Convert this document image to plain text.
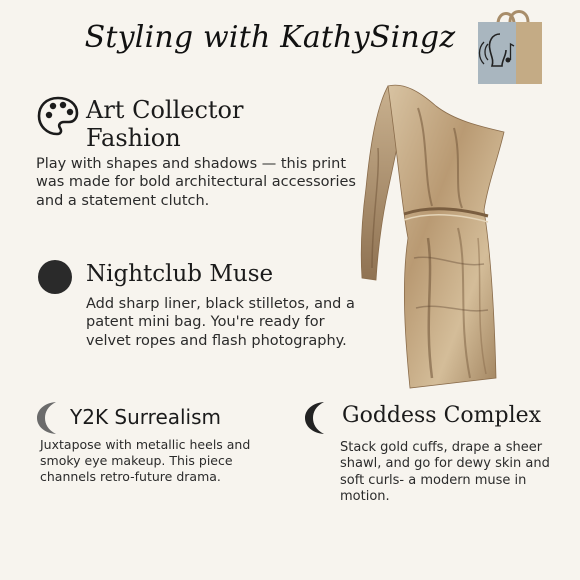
Styling with KathySingz
Art Collector Fashion
Play with shapes and shadows — this print was made for bold architectural accessories and a statement clutch.
Nightclub Muse
Add sharp liner, black stilletos, and a patent mini bag. You're ready for velvet ropes and flash photography.
Y2K Surrealism
Juxtapose with metallic heels and smoky eye makeup. This piece channels retro-future drama.
Goddess Complex
Stack gold cuffs, drape a sheer shawl, and go for dewy skin and soft curls- a modern muse in motion.
